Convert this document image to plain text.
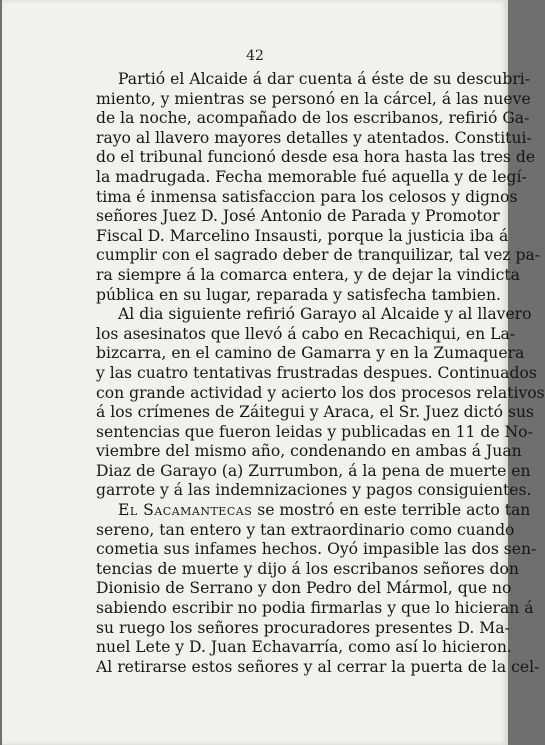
42
Partió el Alcaide á dar cuenta á éste de su descubri-
miento, y mientras se personó en la cárcel, á las nueve
de la noche, acompañado de los escribanos, refirió Ga-
rayo al llavero mayores detalles y atentados. Constitui-
do el tribunal funcionó desde esa hora hasta las tres de
la madrugada. Fecha memorable fué aquella y de legí-
tima é inmensa satisfaccion para los celosos y dignos
señores Juez D. José Antonio de Parada y Promotor
Fiscal D. Marcelino Insausti, porque la justicia iba á
cumplir con el sagrado deber de tranquilizar, tal vez pa-
ra siempre á la comarca entera, y de dejar la vindicta
pública en su lugar, reparada y satisfecha tambien.
Al dia siguiente refirió Garayo al Alcaide y al llavero
los asesinatos que llevó á cabo en Recachiqui, en La-
bizcarra, en el camino de Gamarra y en la Zumaquera
y las cuatro tentativas frustradas despues. Continuados
con grande actividad y acierto los dos procesos relativos
á los crímenes de Záitegui y Araca, el Sr. Juez dictó sus
sentencias que fueron leidas y publicadas en 11 de No-
viembre del mismo año, condenando en ambas á Juan
Diaz de Garayo (a) Zurrumbon, á la pena de muerte en
garrote y á las indemnizaciones y pagos consiguientes.
El Sacamantecas se mostró en este terrible acto tan
sereno, tan entero y tan extraordinario como cuando
cometia sus infames hechos. Oyó impasible las dos sen-
tencias de muerte y dijo á los escribanos señores don
Dionisio de Serrano y don Pedro del Mármol, que no
sabiendo escribir no podia firmarlas y que lo hicieran á
su ruego los señores procuradores presentes D. Ma-
nuel Lete y D. Juan Echavarría, como así lo hicieron.
Al retirarse estos señores y al cerrar la puerta de la cel-
